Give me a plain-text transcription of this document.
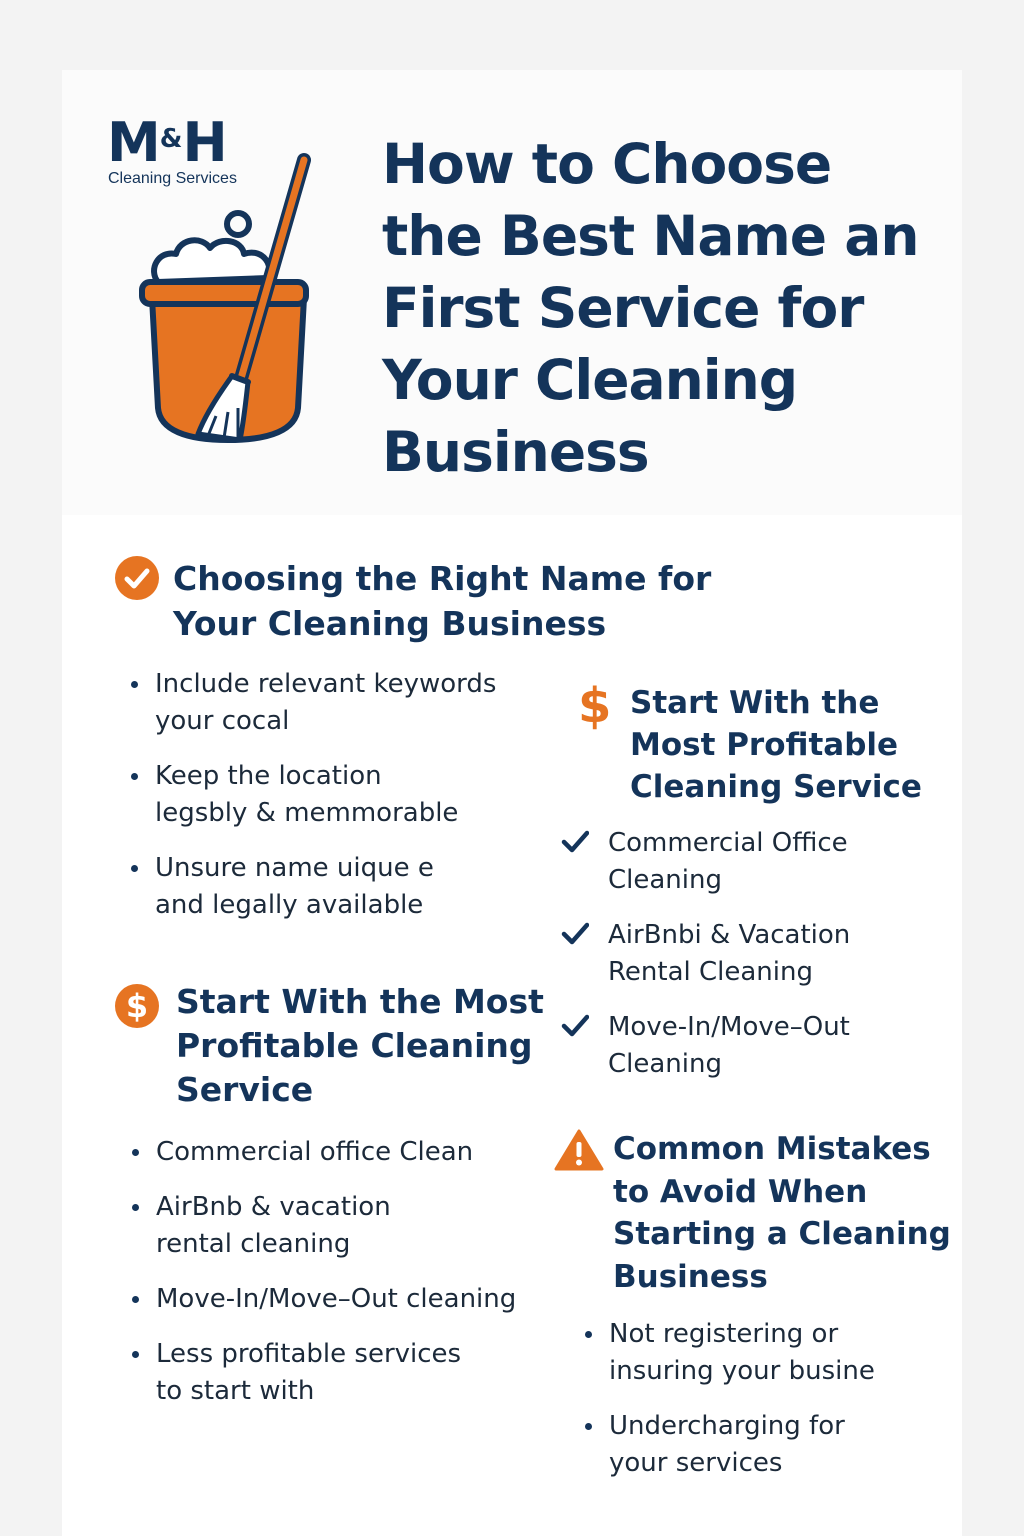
M&H
Cleaning Services	How to Choose
the Best Name an
First Service for
Your Cleaning
Business
Choosing the Right Name for
Your Cleaning Business
Include relevant keywords
your cocal
Keep the location
legsbly & memmorable
Unsure name uique e
and legally available
$ Start With the Most
Profitable Cleaning
Service
Commercial office Clean
AirBnb & vacation
rental cleaning
Move-In/Move–Out cleaning
Less profitable services
to start with
$ Start With the
Most Profitable
Cleaning Service
Commercial Office
Cleaning
AirBnbi & Vacation
Rental Cleaning
Move-In/Move–Out
Cleaning
Common Mistakes
to Avoid When
Starting a Cleaning
Business
Not registering or
insuring your busine
Undercharging for
your services
